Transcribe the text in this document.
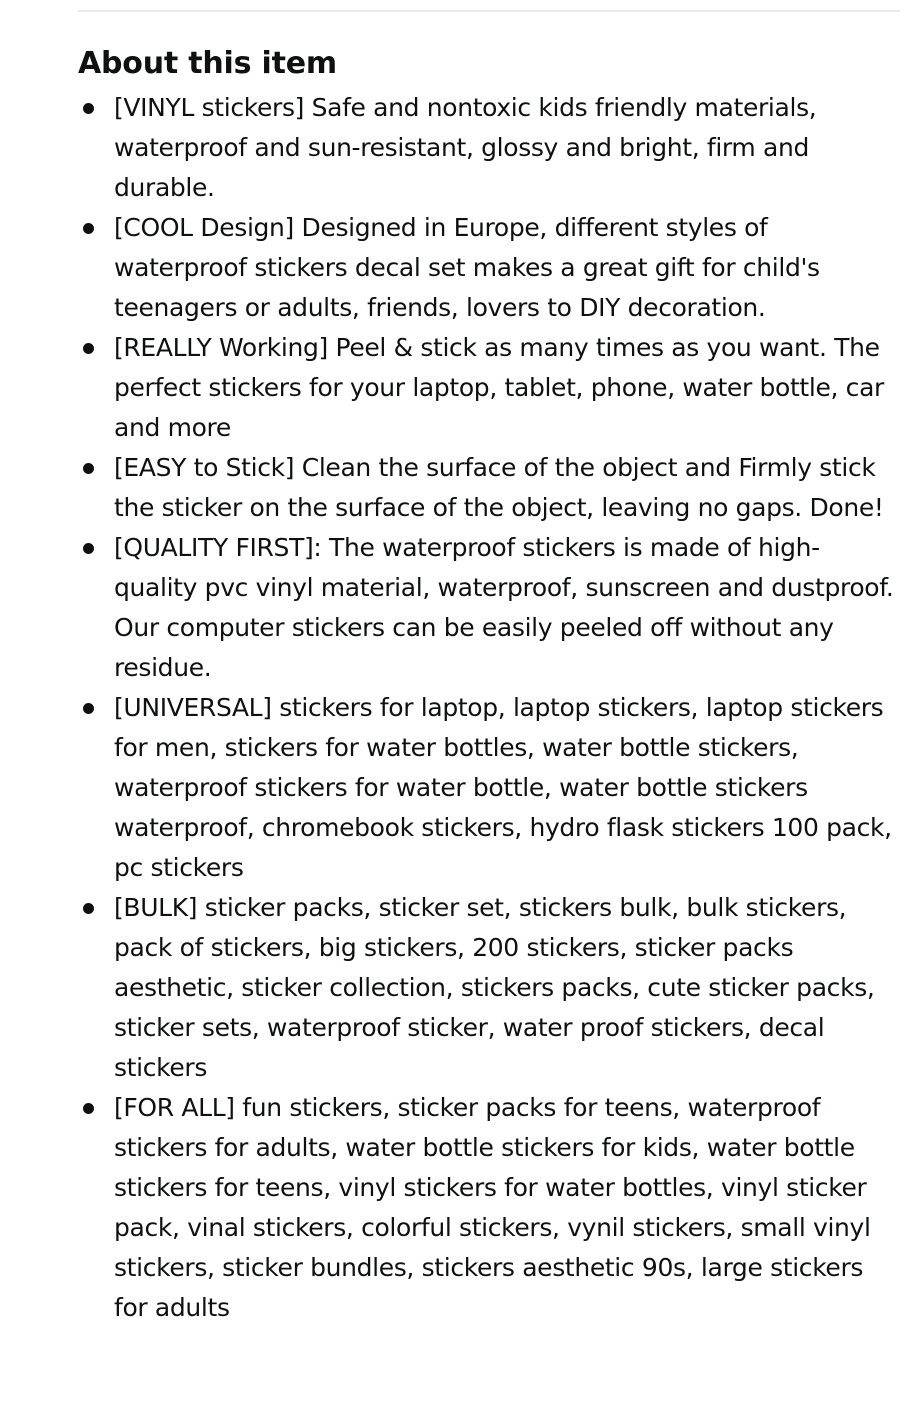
About this item
[VINYL stickers] Safe and nontoxic kids friendly materials, waterproof and sun-resistant, glossy and bright, firm and durable.
[COOL Design] Designed in Europe, different styles of waterproof stickers decal set makes a great gift for child's teenagers or adults, friends, lovers to DIY decoration.
[REALLY Working] Peel & stick as many times as you want. The perfect stickers for your laptop, tablet, phone, water bottle, car and more
[EASY to Stick] Clean the surface of the object and Firmly stick the sticker on the surface of the object, leaving no gaps. Done!
[QUALITY FIRST]: The waterproof stickers is made of high-quality pvc vinyl material, waterproof, sunscreen and dustproof. Our computer stickers can be easily peeled off without any residue.
[UNIVERSAL] stickers for laptop, laptop stickers, laptop stickers for men, stickers for water bottles, water bottle stickers, waterproof stickers for water bottle, water bottle stickers waterproof, chromebook stickers, hydro flask stickers 100 pack, pc stickers
[BULK] sticker packs, sticker set, stickers bulk, bulk stickers, pack of stickers, big stickers, 200 stickers, sticker packs aesthetic, sticker collection, stickers packs, cute sticker packs, sticker sets, waterproof sticker, water proof stickers, decal stickers
[FOR ALL] fun stickers, sticker packs for teens, waterproof stickers for adults, water bottle stickers for kids, water bottle stickers for teens, vinyl stickers for water bottles, vinyl sticker pack, vinal stickers, colorful stickers, vynil stickers, small vinyl stickers, sticker bundles, stickers aesthetic 90s, large stickers for adults
